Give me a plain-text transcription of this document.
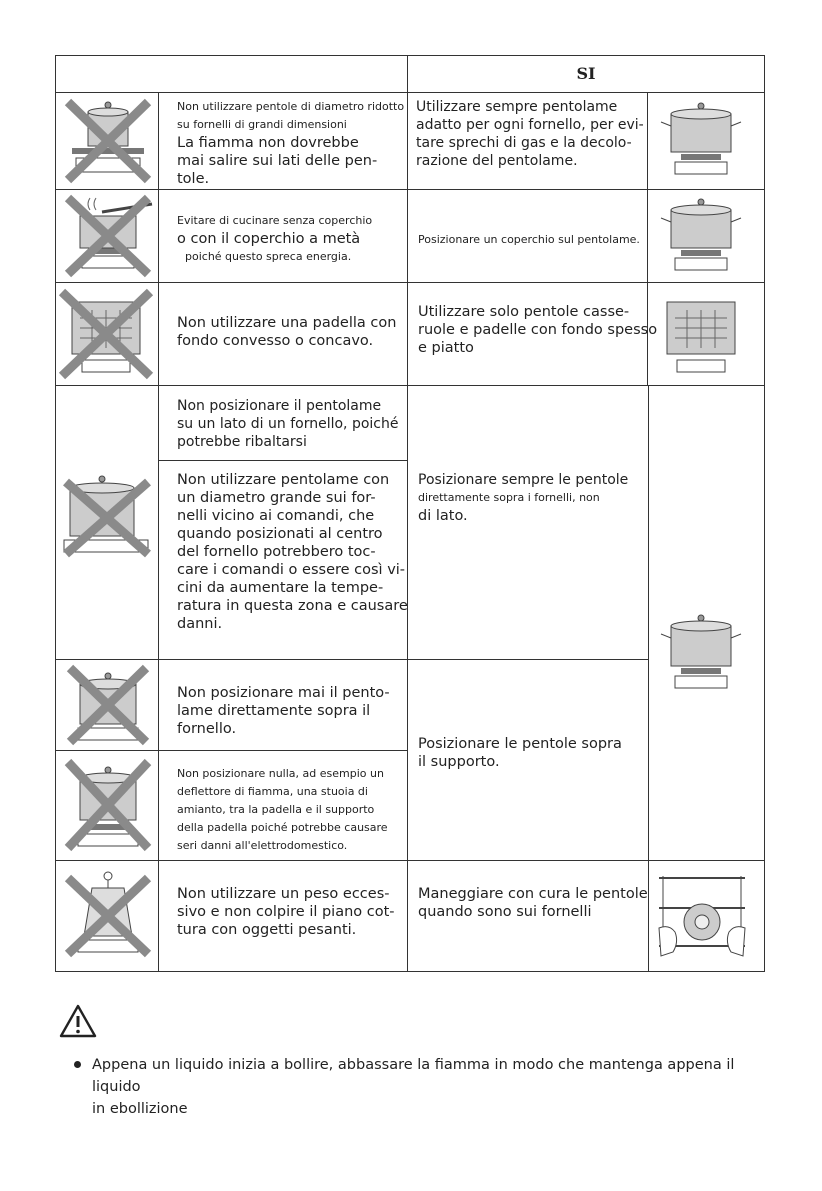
SI
Non utilizzare pentole di diametro ridotto
su fornelli di grandi dimensioni
La fiamma non dovrebbe
mai salire sui lati delle pen-
tole.
Utilizzare sempre pentolame
adatto per ogni fornello, per evi-
tare sprechi di gas e la decolo-
razione del pentolame.
Evitare di cucinare senza coperchio
o con il coperchio a metà
poiché questo spreca energia.
Posizionare un coperchio sul pentolame.
Non utilizzare una padella con
fondo convesso o concavo.
Utilizzare solo pentole casse-
ruole e padelle con fondo spesso
e piatto
Non posizionare il pentolame
su un lato di un fornello, poiché
potrebbe ribaltarsi
Non utilizzare pentolame con
un diametro grande sui for-
nelli vicino ai comandi, che
quando posizionati al centro
del fornello potrebbero toc-
care i comandi o essere così vi-
cini da aumentare la tempe-
ratura in questa zona e causare
danni.
Posizionare sempre le pentole
direttamente sopra i fornelli, non
di lato.
Non posizionare mai il pento-
lame direttamente sopra il
fornello.
Non posizionare nulla, ad esempio un
deflettore di fiamma, una stuoia di
amianto, tra la padella e il supporto
della padella poiché potrebbe causare
seri danni all'elettrodomestico.
Posizionare le pentole sopra
il supporto.
Non utilizzare un peso ecces-
sivo e non colpire il piano cot-
tura con oggetti pesanti.
Maneggiare con cura le pentole
quando sono sui fornelli
Appena un liquido inizia a bollire, abbassare la fiamma in modo che mantenga appena il liquido
in ebollizione
